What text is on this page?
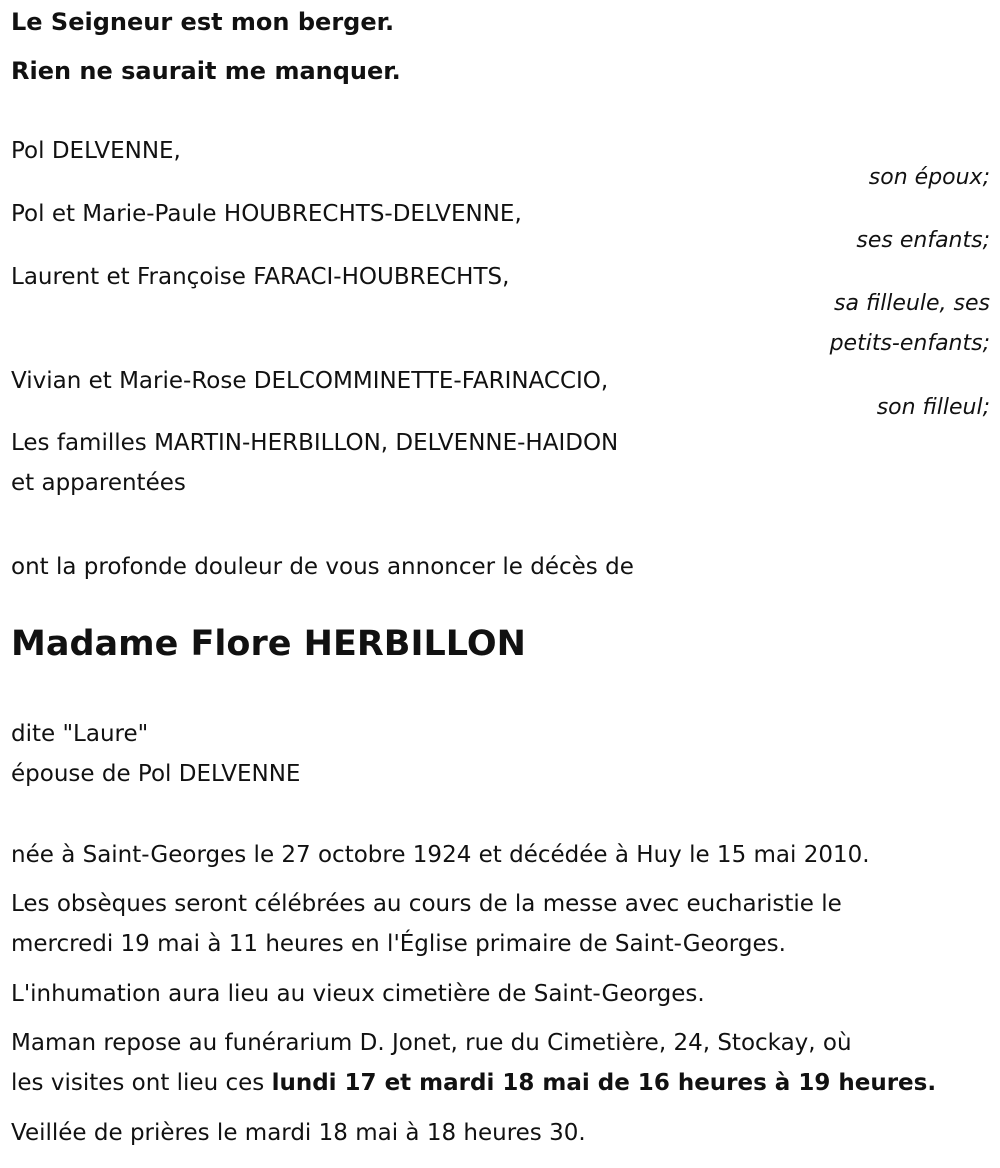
Le Seigneur est mon berger.
Rien ne saurait me manquer.
Pol DELVENNE,
son époux;
Pol et Marie-Paule HOUBRECHTS-DELVENNE,
ses enfants;
Laurent et Françoise FARACI-HOUBRECHTS,
sa filleule, ses
petits-enfants;
Vivian et Marie-Rose DELCOMMINETTE-FARINACCIO,
son filleul;
Les familles MARTIN-HERBILLON, DELVENNE-HAIDON
et apparentées
ont la profonde douleur de vous annoncer le décès de
Madame Flore HERBILLON
dite "Laure"
épouse de Pol DELVENNE
née à Saint-Georges le 27 octobre 1924 et décédée à Huy le 15 mai 2010.
Les obsèques seront célébrées au cours de la messe avec eucharistie le
mercredi 19 mai à 11 heures en l'Église primaire de Saint-Georges.
L'inhumation aura lieu au vieux cimetière de Saint-Georges.
Maman repose au funérarium D. Jonet, rue du Cimetière, 24, Stockay, où
les visites ont lieu ces lundi 17 et mardi 18 mai de 16 heures à 19 heures.
Veillée de prières le mardi 18 mai à 18 heures 30.
